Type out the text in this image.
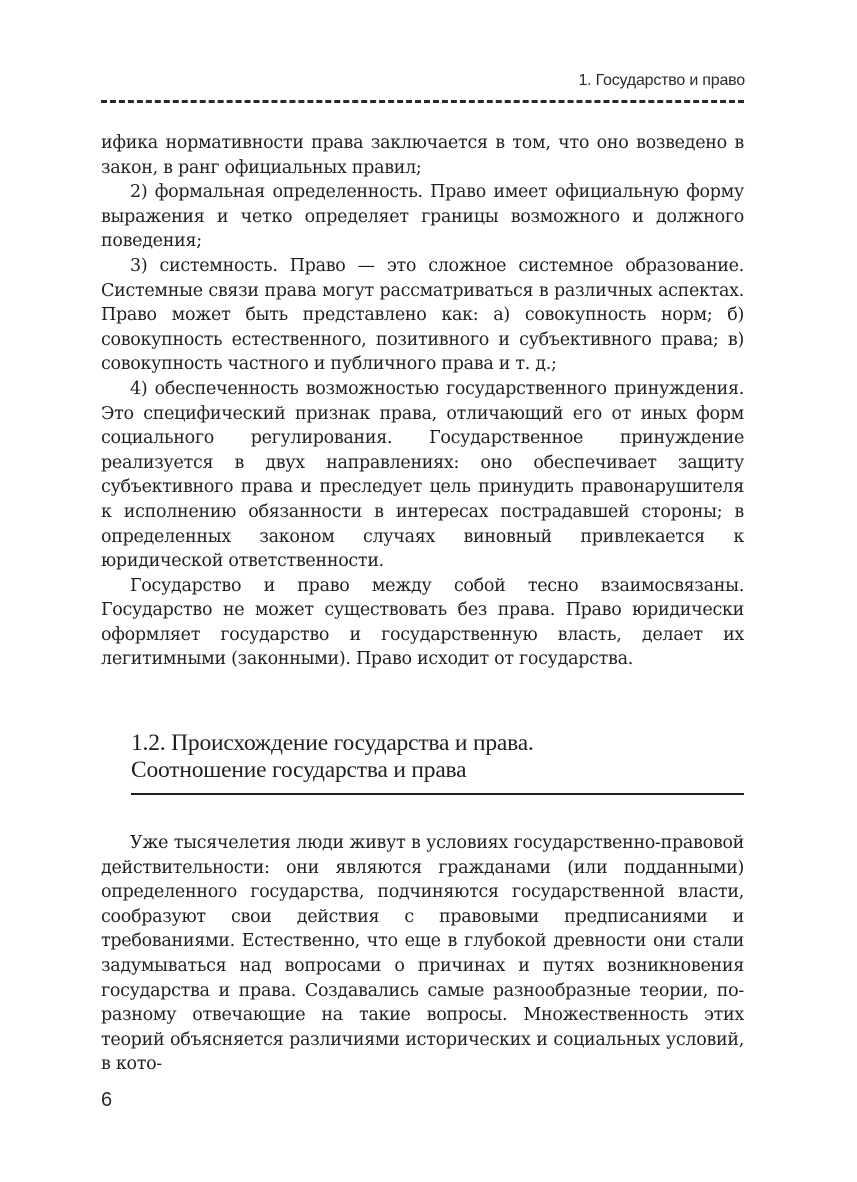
1. Государство и право

ифика нормативности права заключается в том, что оно возведено в закон, в ранг официальных правил;

2) формальная определенность. Право имеет официальную форму выражения и четко определяет границы возможного и должного поведения;

3) системность. Право — это сложное системное образование. Системные связи права могут рассматриваться в различных аспектах. Право может быть представлено как: а) совокупность норм; б) совокупность естественного, позитивного и субъективного права; в) совокупность частного и публичного права и т. д.;

4) обеспеченность возможностью государственного принуждения. Это специфический признак права, отличающий его от иных форм социального регулирования. Государственное принуждение реализуется в двух направлениях: оно обеспечивает защиту субъективного права и преследует цель принудить правонарушителя к исполнению обязанности в интересах пострадавшей стороны; в определенных законом случаях виновный привлекается к юридической ответственности.

Государство и право между собой тесно взаимосвязаны. Государство не может существовать без права. Право юридически оформляет государство и государственную власть, делает их легитимными (законными). Право исходит от государства.

1.2. Происхождение государства и права.
Соотношение государства и права

Уже тысячелетия люди живут в условиях государственно-правовой действительности: они являются гражданами (или подданными) определенного государства, подчиняются государственной власти, сообразуют свои действия с правовыми предписаниями и требованиями. Естественно, что еще в глубокой древности они стали задумываться над вопросами о причинах и путях возникновения государства и права. Создавались самые разнообразные теории, по-разному отвечающие на такие вопросы. Множественность этих теорий объясняется различиями исторических и социальных условий, в кото-

6
